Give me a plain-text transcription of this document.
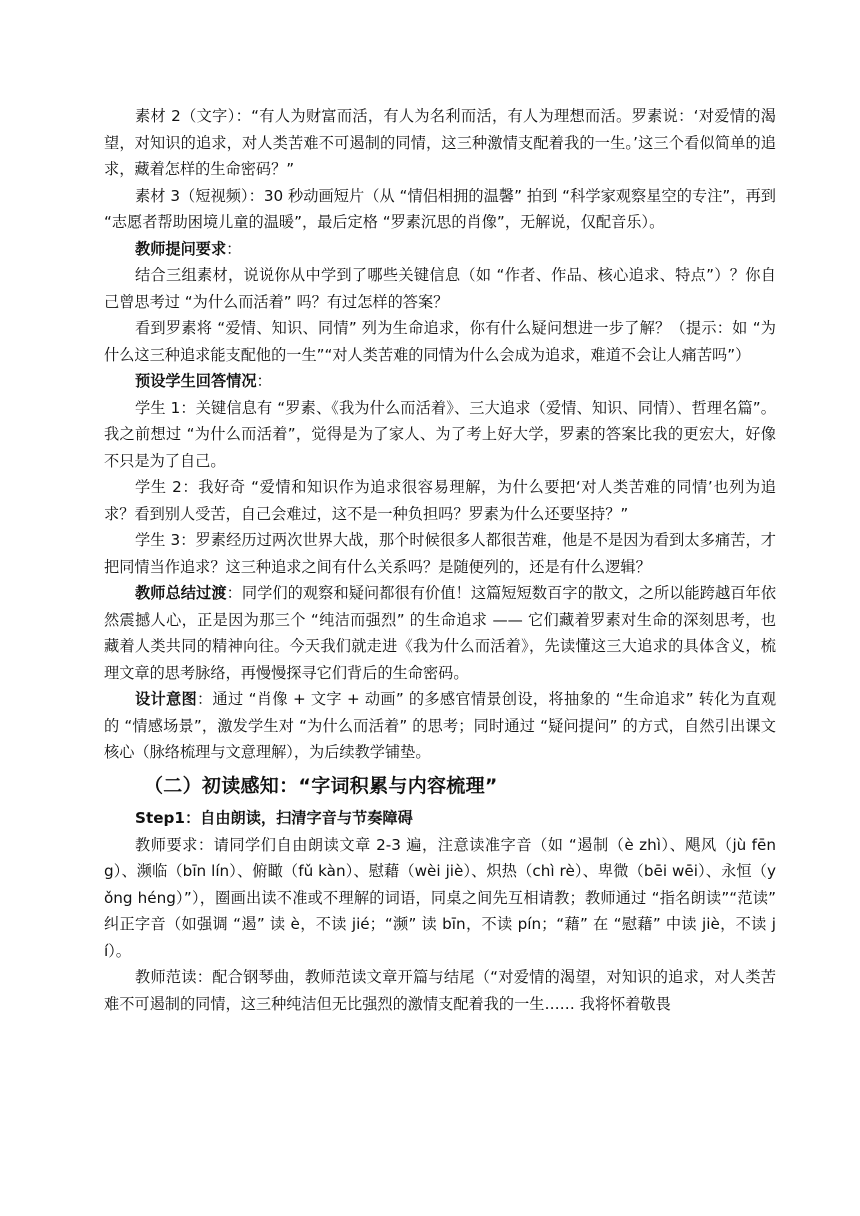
素材 2（文字）：“有人为财富而活，有人为名利而活，有人为理想而活。罗素说：‘对爱情的渴望，对知识的追求，对人类苦难不可遏制的同情，这三种激情支配着我的一生。’这三个看似简单的追求，藏着怎样的生命密码？”

素材 3（短视频）：30 秒动画短片（从 “情侣相拥的温馨” 拍到 “科学家观察星空的专注”，再到 “志愿者帮助困境儿童的温暖”，最后定格 “罗素沉思的肖像”，无解说，仅配音乐）。

教师提问要求：

结合三组素材，说说你从中学到了哪些关键信息（如 “作者、作品、核心追求、特点”）？你自己曾思考过 “为什么而活着” 吗？有过怎样的答案？

看到罗素将 “爱情、知识、同情” 列为生命追求，你有什么疑问想进一步了解？（提示：如 “为什么这三种追求能支配他的一生”“对人类苦难的同情为什么会成为追求，难道不会让人痛苦吗”）

预设学生回答情况：

学生 1：关键信息有 “罗素、《我为什么而活着》、三大追求（爱情、知识、同情）、哲理名篇”。我之前想过 “为什么而活着”，觉得是为了家人、为了考上好大学，罗素的答案比我的更宏大，好像不只是为了自己。

学生 2：我好奇 “爱情和知识作为追求很容易理解，为什么要把‘对人类苦难的同情’也列为追求？看到别人受苦，自己会难过，这不是一种负担吗？罗素为什么还要坚持？”

学生 3：罗素经历过两次世界大战，那个时候很多人都很苦难，他是不是因为看到太多痛苦，才把同情当作追求？这三种追求之间有什么关系吗？是随便列的，还是有什么逻辑？

教师总结过渡：同学们的观察和疑问都很有价值！这篇短短数百字的散文，之所以能跨越百年依然震撼人心，正是因为那三个 “纯洁而强烈” 的生命追求 —— 它们藏着罗素对生命的深刻思考，也藏着人类共同的精神向往。今天我们就走进《我为什么而活着》，先读懂这三大追求的具体含义，梳理文章的思考脉络，再慢慢探寻它们背后的生命密码。

设计意图：通过 “肖像 + 文字 + 动画” 的多感官情景创设，将抽象的 “生命追求” 转化为直观的 “情感场景”，激发学生对 “为什么而活着” 的思考；同时通过 “疑问提问” 的方式，自然引出课文核心（脉络梳理与文意理解），为后续教学铺垫。

（二）初读感知：“字词积累与内容梳理”

Step1：自由朗读，扫清字音与节奏障碍

教师要求：请同学们自由朗读文章 2-3 遍，注意读准字音（如 “遏制（è zhì）、飓风（jù fēng）、濒临（bīn lín）、俯瞰（fǔ kàn）、慰藉（wèi jiè）、炽热（chì rè）、卑微（bēi wēi）、永恒（yǒng héng）”），圈画出读不准或不理解的词语，同桌之间先互相请教；教师通过 “指名朗读”“范读” 纠正字音（如强调 “遏” 读 è，不读 jié；“濒” 读 bīn，不读 pín；“藉” 在 “慰藉” 中读 jiè，不读 jí）。

教师范读：配合钢琴曲，教师范读文章开篇与结尾（“对爱情的渴望，对知识的追求，对人类苦难不可遏制的同情，这三种纯洁但无比强烈的激情支配着我的一生…… 我将怀着敬畏
